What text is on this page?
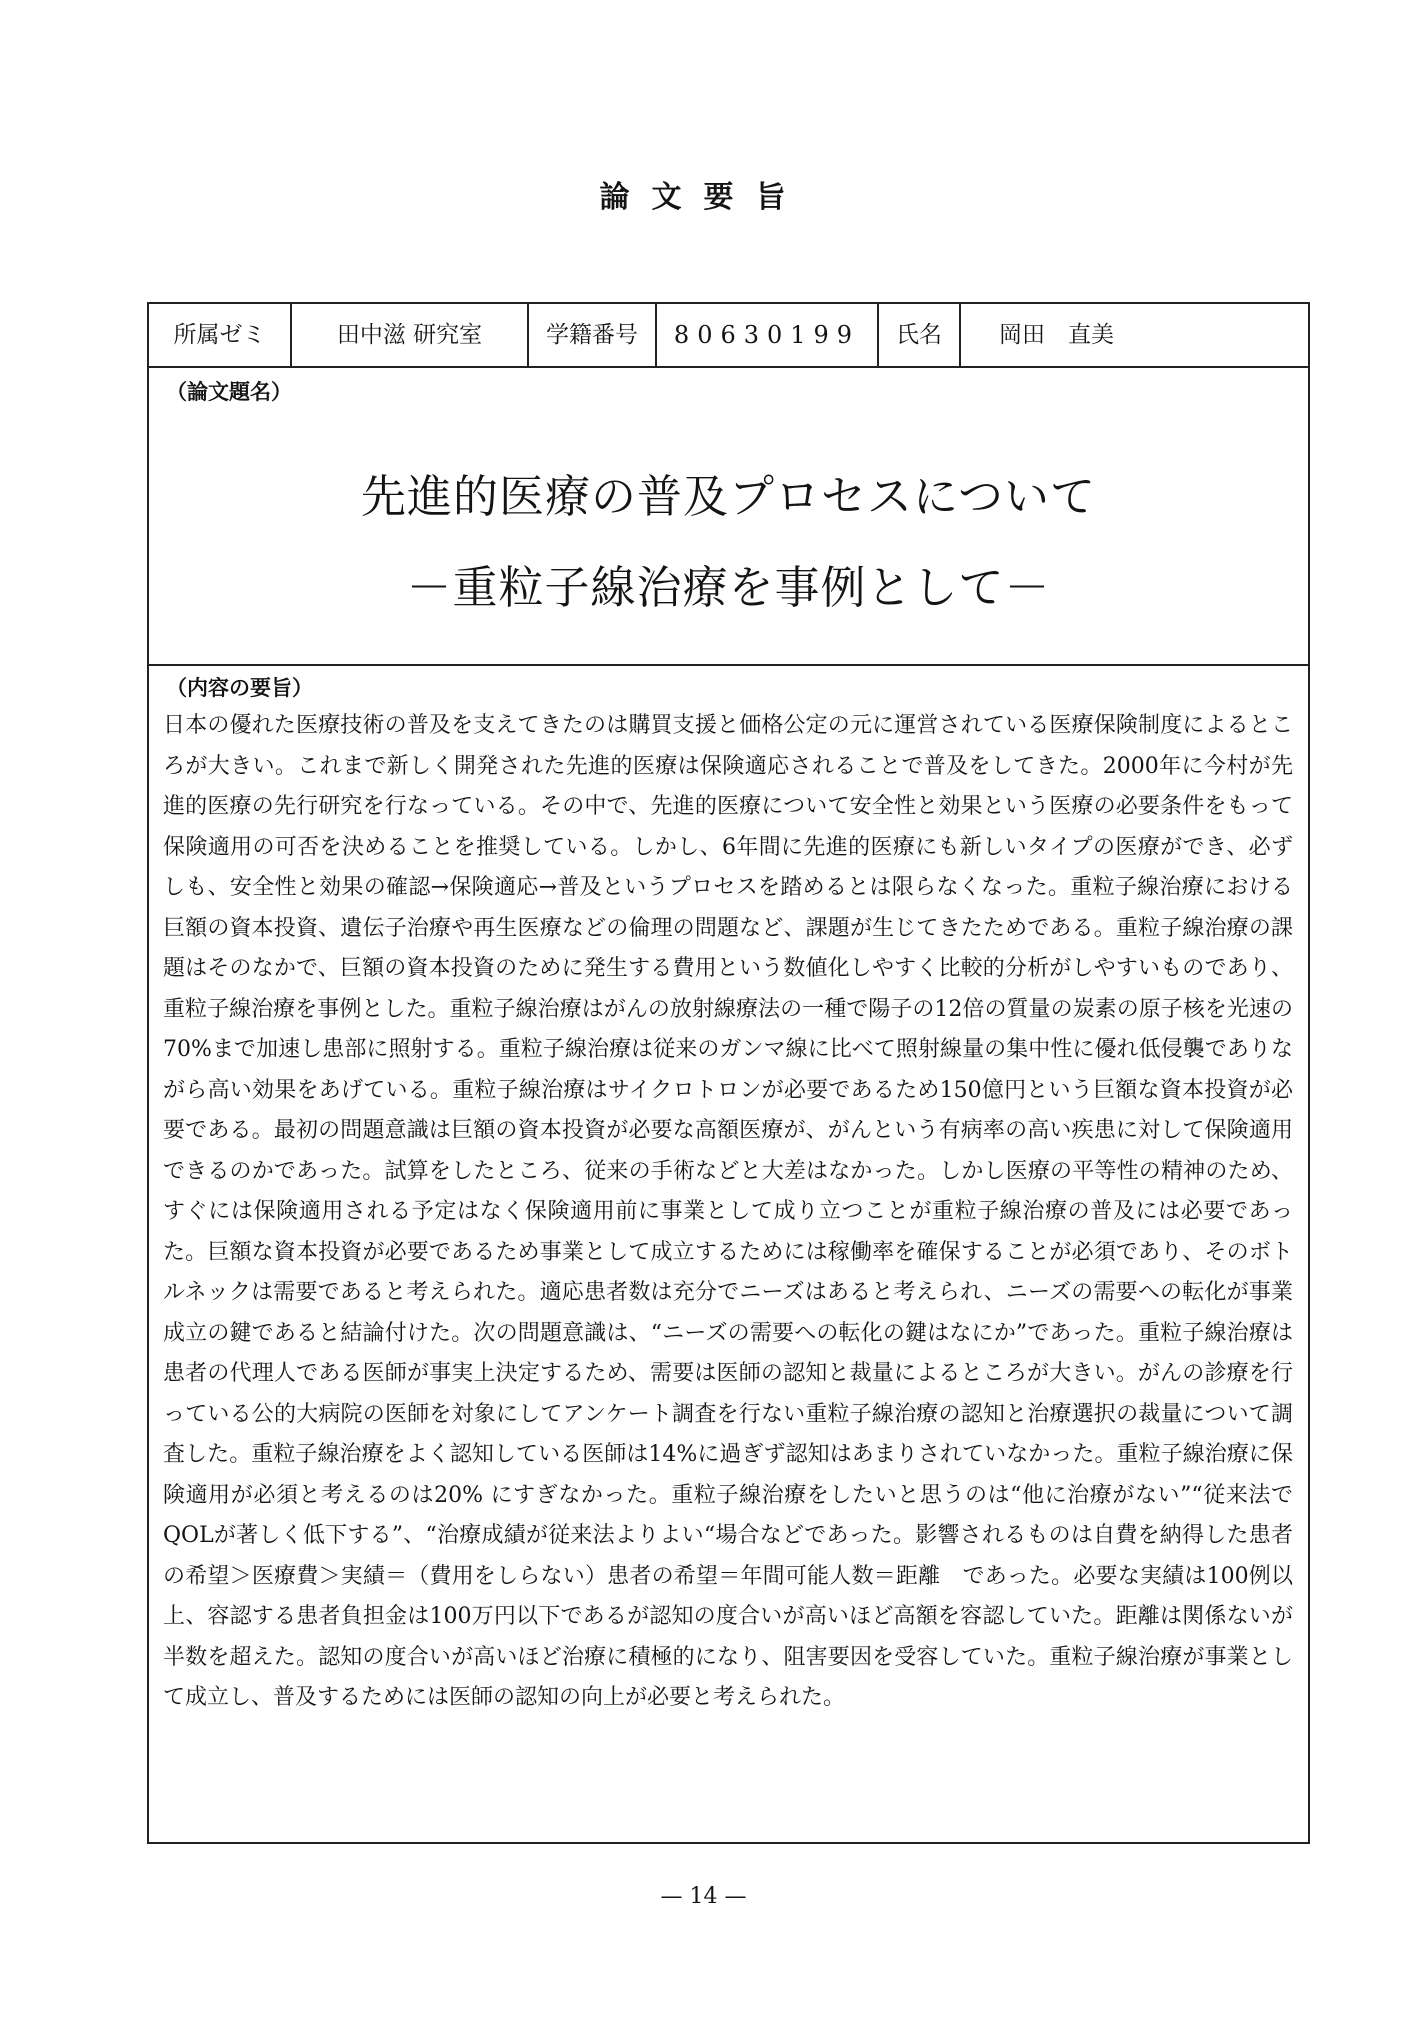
論文要旨
所属ゼミ	田中滋 研究室	学籍番号	80630199	氏名	岡田　直美
（論文題名）
先進的医療の普及プロセスについて
－重粒子線治療を事例として－
（内容の要旨）
日本の優れた医療技術の普及を支えてきたのは購買支援と価格公定の元に運営されている医療保険制度によるところが大きい。これまで新しく開発された先進的医療は保険適応されることで普及をしてきた。2000年に今村が先進的医療の先行研究を行なっている。その中で、先進的医療について安全性と効果という医療の必要条件をもって保険適用の可否を決めることを推奨している。しかし、6年間に先進的医療にも新しいタイプの医療ができ、必ずしも、安全性と効果の確認→保険適応→普及というプロセスを踏めるとは限らなくなった。重粒子線治療における巨額の資本投資、遺伝子治療や再生医療などの倫理の問題など、課題が生じてきたためである。重粒子線治療の課題はそのなかで、巨額の資本投資のために発生する費用という数値化しやすく比較的分析がしやすいものであり、重粒子線治療を事例とした。重粒子線治療はがんの放射線療法の一種で陽子の12倍の質量の炭素の原子核を光速の70%まで加速し患部に照射する。重粒子線治療は従来のガンマ線に比べて照射線量の集中性に優れ低侵襲でありながら高い効果をあげている。重粒子線治療はサイクロトロンが必要であるため150億円という巨額な資本投資が必要である。最初の問題意識は巨額の資本投資が必要な高額医療が、がんという有病率の高い疾患に対して保険適用できるのかであった。試算をしたところ、従来の手術などと大差はなかった。しかし医療の平等性の精神のため、すぐには保険適用される予定はなく保険適用前に事業として成り立つことが重粒子線治療の普及には必要であった。巨額な資本投資が必要であるため事業として成立するためには稼働率を確保することが必須であり、そのボトルネックは需要であると考えられた。適応患者数は充分でニーズはあると考えられ、ニーズの需要への転化が事業成立の鍵であると結論付けた。次の問題意識は、“ニーズの需要への転化の鍵はなにか”であった。重粒子線治療は患者の代理人である医師が事実上決定するため、需要は医師の認知と裁量によるところが大きい。がんの診療を行っている公的大病院の医師を対象にしてアンケート調査を行ない重粒子線治療の認知と治療選択の裁量について調査した。重粒子線治療をよく認知している医師は14%に過ぎず認知はあまりされていなかった。重粒子線治療に保険適用が必須と考えるのは20% にすぎなかった。重粒子線治療をしたいと思うのは“他に治療がない”“従来法でQOLが著しく低下する”、“治療成績が従来法よりよい“場合などであった。影響されるものは自費を納得した患者の希望＞医療費＞実績＝（費用をしらない）患者の希望＝年間可能人数＝距離　であった。必要な実績は100例以上、容認する患者負担金は100万円以下であるが認知の度合いが高いほど高額を容認していた。距離は関係ないが半数を超えた。認知の度合いが高いほど治療に積極的になり、阻害要因を受容していた。重粒子線治療が事業として成立し、普及するためには医師の認知の向上が必要と考えられた。
— 14 —
